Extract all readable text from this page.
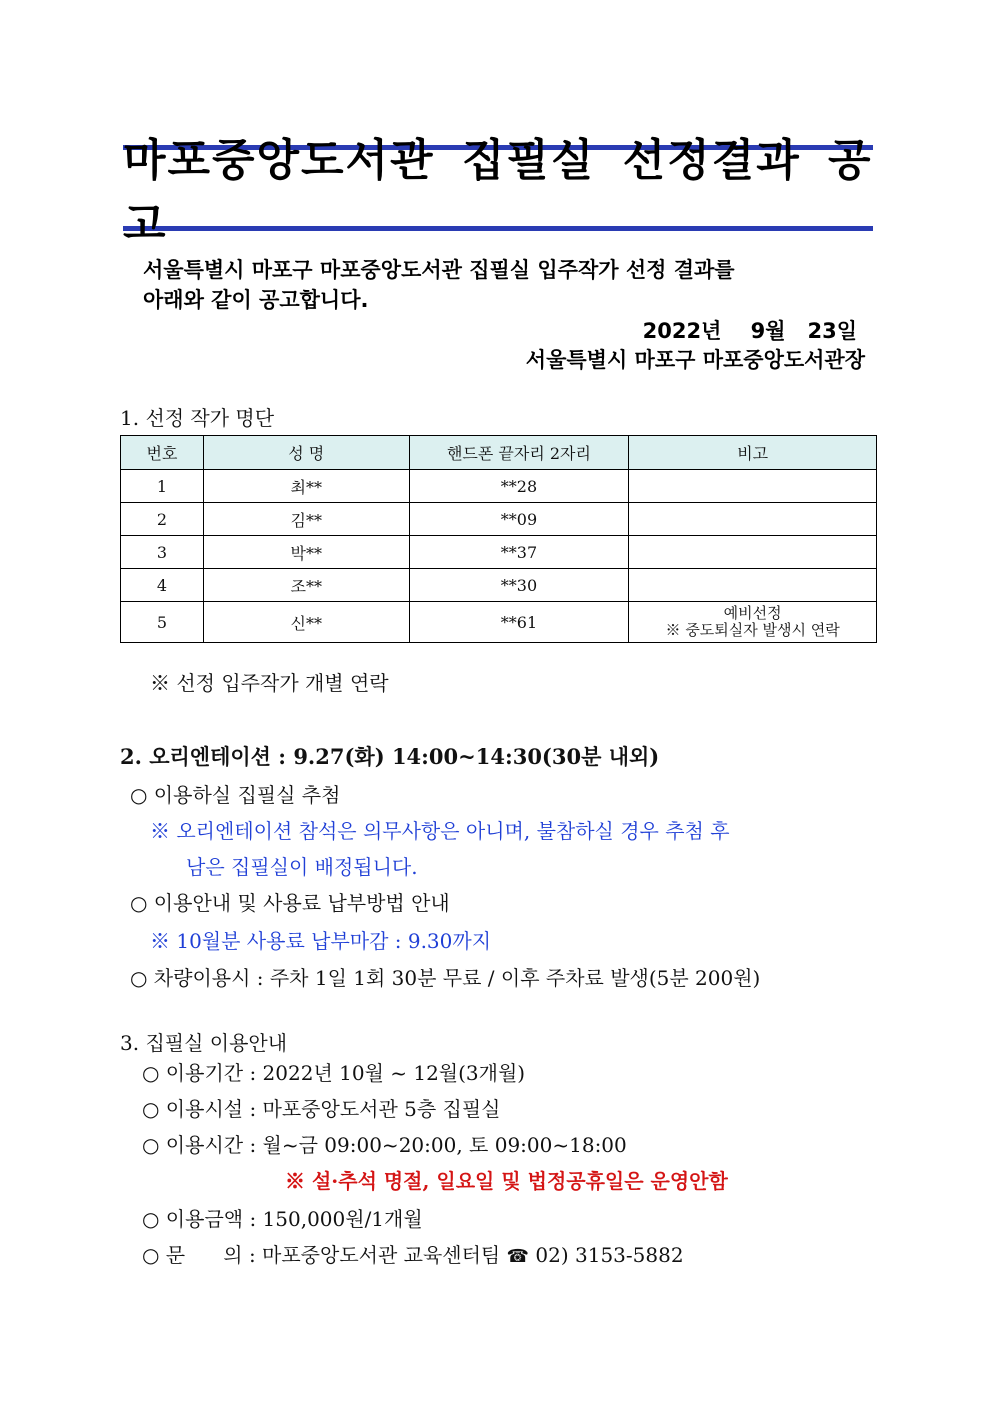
마포중앙도서관 집필실 선정결과 공고
서울특별시 마포구 마포중앙도서관 집필실 입주작가 선정 결과를
아래와 같이 공고합니다.
2022년    9월   23일
서울특별시 마포구 마포중앙도서관장
1. 선정 작가 명단
번호	성 명	핸드폰 끝자리 2자리	비고
1	최**	**28	
2	김**	**09	
3	박**	**37	
4	조**	**30	
5	신**	**61	예비선정
※ 중도퇴실자 발생시 연락
※ 선정 입주작가 개별 연락
2. 오리엔테이션 : 9.27(화) 14:00~14:30(30분 내외)
○ 이용하실 집필실 추첨
※ 오리엔테이션 참석은 의무사항은 아니며, 불참하실 경우 추첨 후
남은 집필실이 배정됩니다.
○ 이용안내 및 사용료 납부방법 안내
※ 10월분 사용료 납부마감 : 9.30까지
○ 차량이용시 : 주차 1일 1회 30분 무료 / 이후 주차료 발생(5분 200원)
3. 집필실 이용안내
○ 이용기간 : 2022년 10월 ~ 12월(3개월)
○ 이용시설 : 마포중앙도서관 5층 집필실
○ 이용시간 : 월~금 09:00~20:00, 토 09:00~18:00
※ 설·추석 명절, 일요일 및 법정공휴일은 운영안함
○ 이용금액 : 150,000원/1개월
○ 문      의 : 마포중앙도서관 교육센터팀 ☎ 02) 3153-5882
